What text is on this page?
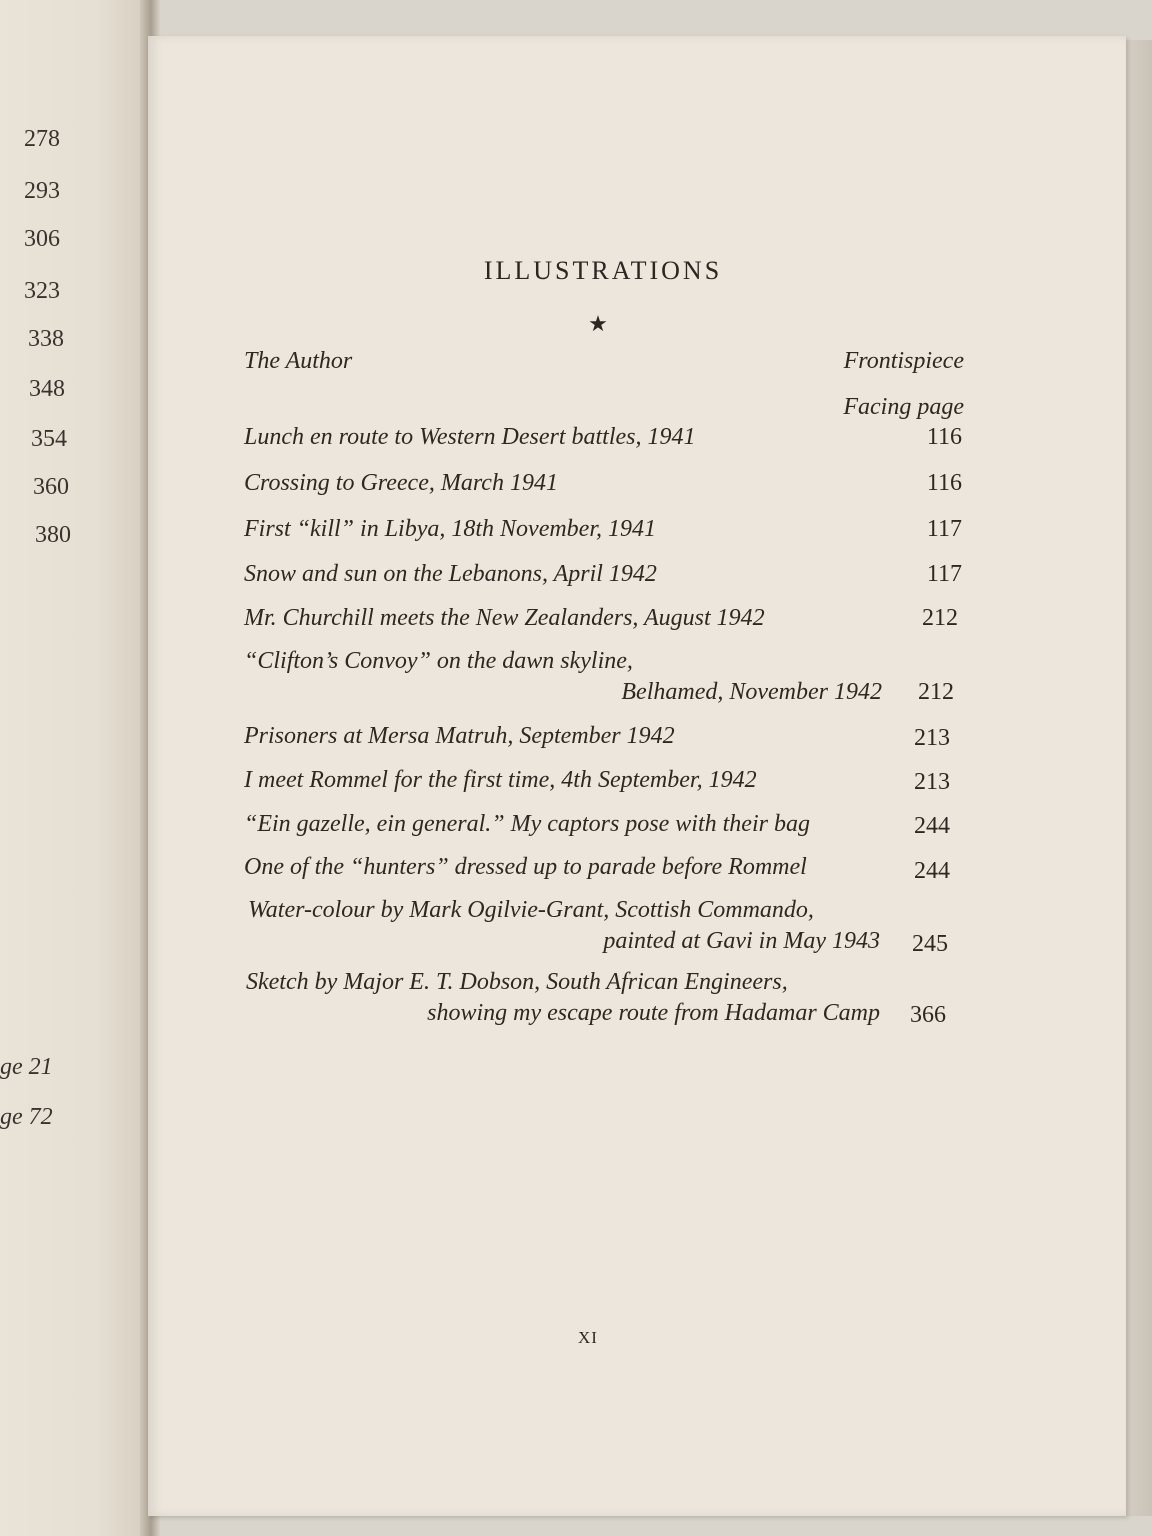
278
293
306
323
338
348
354
360
380
ge 21
ge 72
ILLUSTRATIONS
★
The Author	Frontispiece
Facing page
Lunch en route to Western Desert battles, 1941	116
Crossing to Greece, March 1941	116
First “kill” in Libya, 18th November, 1941	117
Snow and sun on the Lebanons, April 1942	117
Mr. Churchill meets the New Zealanders, August 1942	212
“Clifton’s Convoy” on the dawn skyline,
Belhamed, November 1942	212
Prisoners at Mersa Matruh, September 1942	213
I meet Rommel for the first time, 4th September, 1942	213
“Ein gazelle, ein general.” My captors pose with their bag	244
One of the “hunters” dressed up to parade before Rommel	244
Water-colour by Mark Ogilvie-Grant, Scottish Commando,
painted at Gavi in May 1943	245
Sketch by Major E. T. Dobson, South African Engineers,
showing my escape route from Hadamar Camp	366
XI
